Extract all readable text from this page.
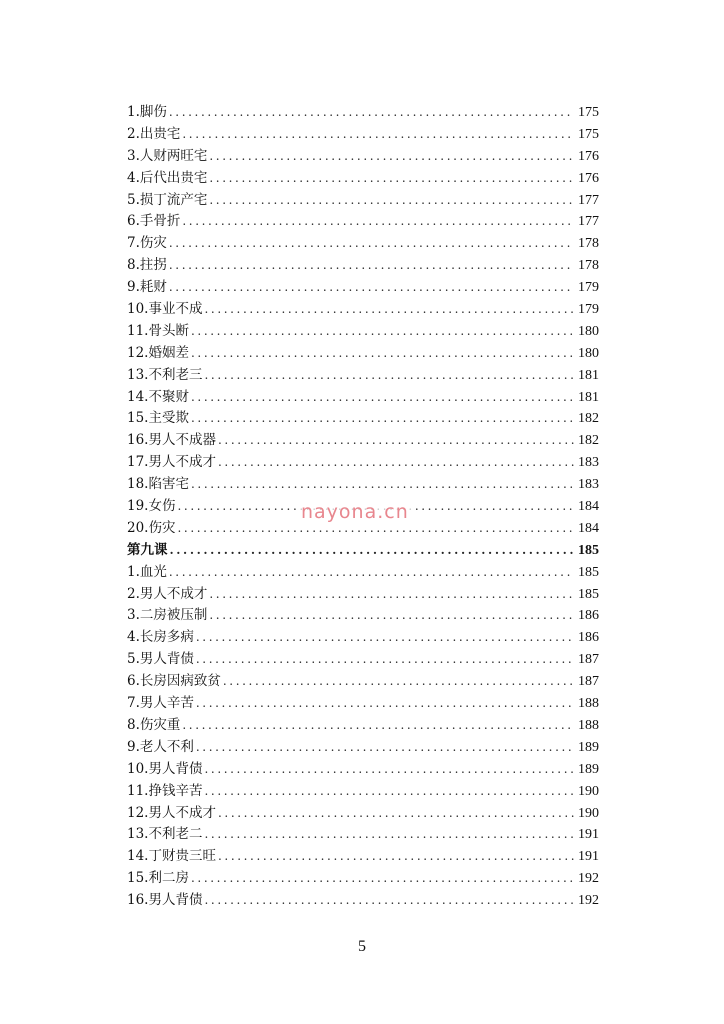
1.脚伤 .....	175
2.出贵宅 .....	175
3.人财两旺宅 .....	176
4.后代出贵宅 .....	176
5.损丁流产宅 .....	177
6.手骨折 .....	177
7.伤灾 .....	178
8.拄拐 .....	178
9.耗财 .....	179
10.事业不成 .....	179
11.骨头断 .....	180
12.婚姻差 .....	180
13.不利老三 .....	181
14.不聚财 .....	181
15.主受欺 .....	182
16.男人不成器 .....	182
17.男人不成才 .....	183
18.陷害宅 .....	183
19.女伤 .....	184
20.伤灾 .....	184
第九课 .....	185
1.血光 .....	185
2.男人不成才 .....	185
3.二房被压制 .....	186
4.长房多病 .....	186
5.男人背债 .....	187
6.长房因病致贫 .....	187
7.男人辛苦 .....	188
8.伤灾重 .....	188
9.老人不利 .....	189
10.男人背债 .....	189
11.挣钱辛苦 .....	190
12.男人不成才 .....	190
13.不利老二 .....	191
14.丁财贵三旺 .....	191
15.利二房 .....	192
16.男人背债 .....	192
nayona.cn
5
